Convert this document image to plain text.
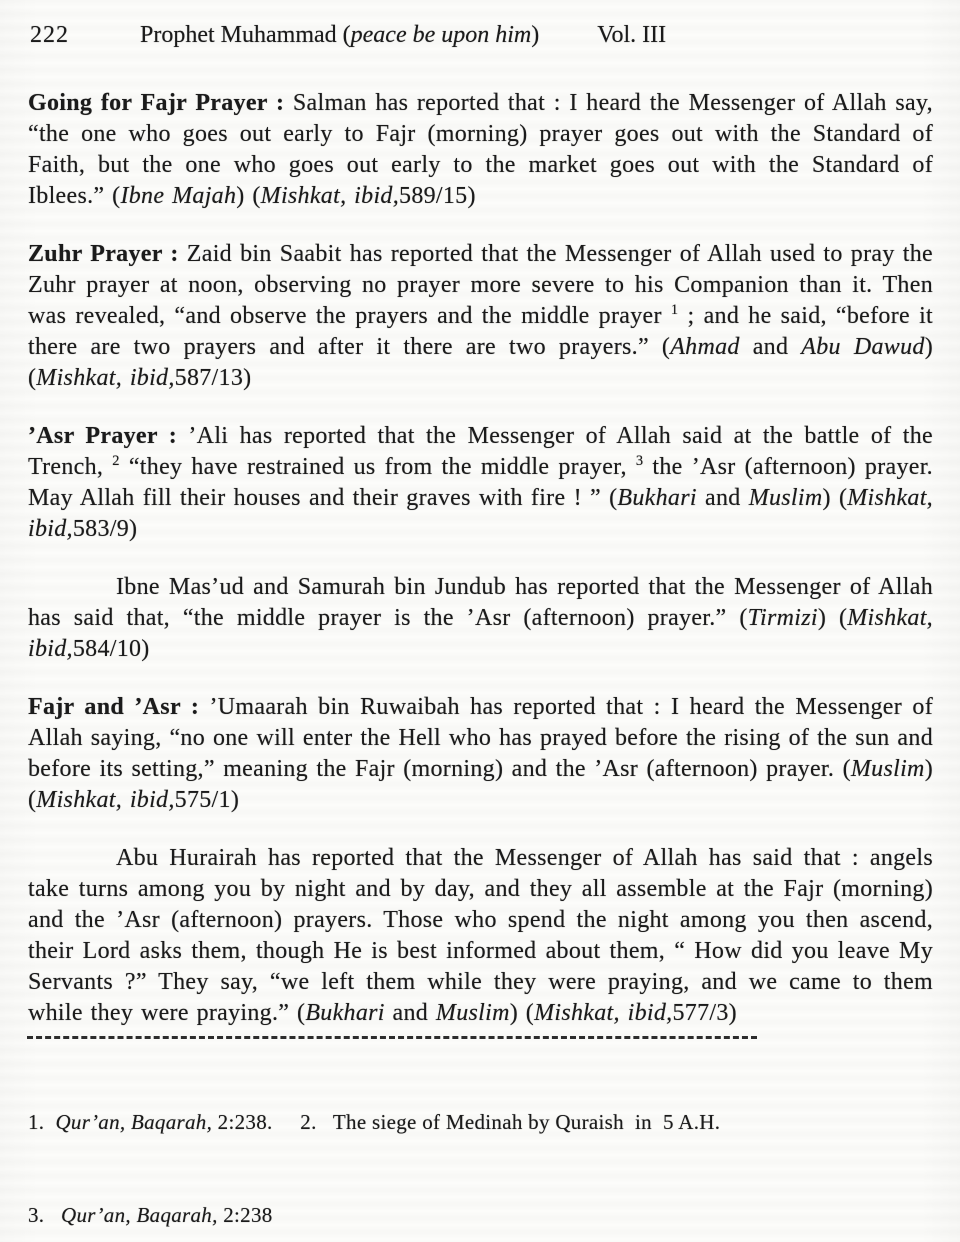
222	Prophet Muhammad (peace be upon him) Vol. III

Going for Fajr Prayer : Salman has reported that : I heard the Messenger of Allah say, “the one who goes out early to Fajr (morning) prayer goes out with the Standard of Faith, but the one who goes out early to the market goes out with the Standard of Iblees.” (Ibne Majah) (Mishkat, ibid,589/15)

Zuhr Prayer : Zaid bin Saabit has reported that the Messenger of Allah used to pray the Zuhr prayer at noon, observing no prayer more severe to his Companion than it. Then was revealed, “and observe the prayers and the middle prayer $^1$ ; and he said, “before it there are two prayers and after it there are two prayers.” (Ahmad and Abu Dawud) (Mishkat, ibid,587/13)

’Asr Prayer : ’Ali has reported that the Messenger of Allah said at the battle of the Trench, $^2$ “they have restrained us from the middle prayer, $^3$ the ’Asr (afternoon) prayer. May Allah fill their houses and their graves with fire ! ” (Bukhari and Muslim) (Mishkat, ibid,583/9)

Ibne Mas’ud and Samurah bin Jundub has reported that the Messenger of Allah has said that, “the middle prayer is the ’Asr (afternoon) prayer.” (Tirmizi) (Mishkat, ibid,584/10)

Fajr and ’Asr : ’Umaarah bin Ruwaibah has reported that : I heard the Messenger of Allah saying, “no one will enter the Hell who has prayed before the rising of the sun and before its setting,” meaning the Fajr (morning) and the ’Asr (afternoon) prayer. (Muslim) (Mishkat, ibid,575/1)

Abu Hurairah has reported that the Messenger of Allah has said that : angels take turns among you by night and by day, and they all assemble at the Fajr (morning) and the ’Asr (afternoon) prayers. Those who spend the night among you then ascend, their Lord asks them, though He is best informed about them, “ How did you leave My Servants ?” They say, “we left them while they were praying, and we came to them while they were praying.” (Bukhari and Muslim) (Mishkat, ibid,577/3)

1.  Qur’an, Baqarah, 2:238.     2.   The siege of Medinah by Quraish  in  5 A.H.

3.   Qur’an, Baqarah, 2:238
